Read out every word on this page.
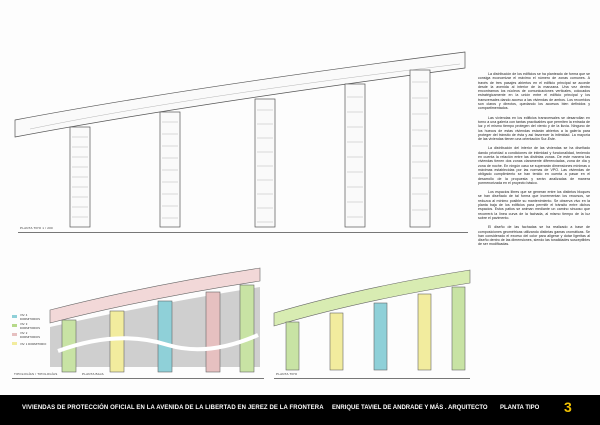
PLANTA TIPO 1 / 200

La distribución de los edificios se ha planteado de forma que se consiga economizar el máximo el número de zonas comunes. A través de tres pasajes abiertos en el edificio principal se accede desde la avenida al interior de la manzana. Una vez dentro encontramos los núcleos de comunicaciones verticales, colocados estratégicamente en la unión entre el edificio principal y los transversales dando acceso a las viviendas de ambos. Los recorridos son claros y directos, quedando los accesos bien definidos y compartimentados.

Las viviendas en los edificios transversales se desarrollan en torno a una galería con tantas practicables que permiten la entrada de luz y el mismo tiempo protegen del viento y de la lluvia. Ninguno de los huecos de estas viviendas estarán abiertos a la galería para proteger del tránsito de ésta y así favorecer la intimidad. La mayoría de las viviendas tienen una orientación Sur-Este.

La distribución del interior de las viviendas se ha diseñado dando prioridad a condiciones de intimidad y funcionalidad, teniendo en cuenta la relación entre las distintas zonas. De este manera las viviendas tienen dos zonas claramente diferenciadas, zona de día y zona de noche. En ningún caso se superarán dimensiones mínimas o máximas establecidas por las normas de VPO. Las viviendas de obligado cumplimiento se han tenido en cuenta a pasar en el desarrollo de la propuesta y serán analizadas de manera pormenorizada en el proyecto básico.

Los espacios libres que se generan entre los distintos bloques se han diseñado de tal forma que incrementan los recursos, se reduzca al mínimo posible su mantenimiento. Se observa vivo en la planta baja de los edificios para permitir el tránsito entre dichos espacios. Estos patios se animan mediante un camino sinuoso que recorrerá la línea curva de la fachada, al mismo tiempo de la luz sobre el pavimento.

El diseño de las fachadas se ha realizado a base de composiciones geométricas utilizando distintas gamas cromáticas. Se han considerado el exceso del color para aligerar y dotar ligeritas al diseño dentro de las dimensiones, siendo las tonalidades susceptibles de ser modificadas.

TIPOLOGÍAS / TIPOLOGÍAS	PLANTA BAJA
VIV. 4 DORMITORIOS
VIV. 3 DORMITORIOS
VIV. 2 DORMITORIOS
VIV. 1 DORMITORIO
PLANTA TIPO
VIVIENDAS DE PROTECCIÓN OFICIAL EN LA AVENIDA DE LA LIBERTAD EN JEREZ DE LA FRONTERA ENRIQUE TAVIEL DE ANDRADE Y MÁS . ARQUITECTO PLANTA TIPO 3
